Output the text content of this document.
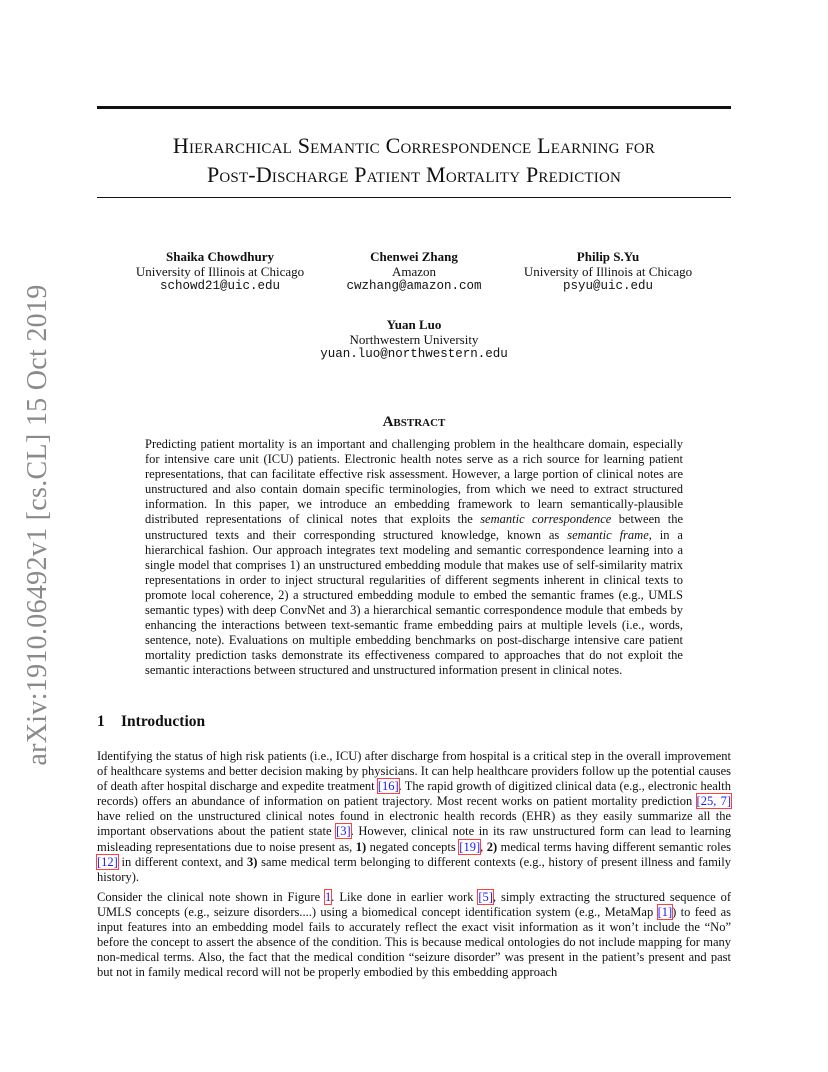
arXiv:1910.06492v1 [cs.CL] 15 Oct 2019
Hierarchical Semantic Correspondence Learning for
Post-Discharge Patient Mortality Prediction
Shaika Chowdhury
University of Illinois at Chicago
schowd21@uic.edu
Chenwei Zhang
Amazon
cwzhang@amazon.com
Philip S.Yu
University of Illinois at Chicago
psyu@uic.edu
Yuan Luo
Northwestern University
yuan.luo@northwestern.edu
Abstract

Predicting patient mortality is an important and challenging problem in the healthcare domain, especially for intensive care unit (ICU) patients. Electronic health notes serve as a rich source for learning patient representations, that can facilitate effective risk assessment. However, a large portion of clinical notes are unstructured and also contain domain specific terminologies, from which we need to extract structured information. In this paper, we introduce an embedding framework to learn semantically-plausible distributed representations of clinical notes that exploits the semantic correspondence between the unstructured texts and their corresponding structured knowledge, known as semantic frame, in a hierarchical fashion. Our approach integrates text modeling and semantic correspondence learning into a single model that comprises 1) an unstructured embedding module that makes use of self-similarity matrix representations in order to inject structural regularities of different segments inherent in clinical texts to promote local coherence, 2) a structured embedding module to embed the semantic frames (e.g., UMLS semantic types) with deep ConvNet and 3) a hierarchical semantic correspondence module that embeds by enhancing the interactions between text-semantic frame embedding pairs at multiple levels (i.e., words, sentence, note). Evaluations on multiple embedding benchmarks on post-discharge intensive care patient mortality prediction tasks demonstrate its effectiveness compared to approaches that do not exploit the semantic interactions between structured and unstructured information present in clinical notes.

1 Introduction

Identifying the status of high risk patients (i.e., ICU) after discharge from hospital is a critical step in the overall improvement of healthcare systems and better decision making by physicians. It can help healthcare providers follow up the potential causes of death after hospital discharge and expedite treatment [16]. The rapid growth of digitized clinical data (e.g., electronic health records) offers an abundance of information on patient trajectory. Most recent works on patient mortality prediction [25, 7] have relied on the unstructured clinical notes found in electronic health records (EHR) as they easily summarize all the important observations about the patient state [3]. However, clinical note in its raw unstructured form can lead to learning misleading representations due to noise present as, 1) negated concepts [19], 2) medical terms having different semantic roles [12] in different context, and 3) same medical term belonging to different contexts (e.g., history of present illness and family history).

Consider the clinical note shown in Figure 1. Like done in earlier work [5], simply extracting the structured sequence of UMLS concepts (e.g., seizure disorders....) using a biomedical concept identification system (e.g., MetaMap [1]) to feed as input features into an embedding model fails to accurately reflect the exact visit information as it won’t include the “No” before the concept to assert the absence of the condition. This is because medical ontologies do not include mapping for many non-medical terms. Also, the fact that the medical condition “seizure disorder” was present in the patient’s present and past but not in family medical record will not be properly embodied by this embedding approach
